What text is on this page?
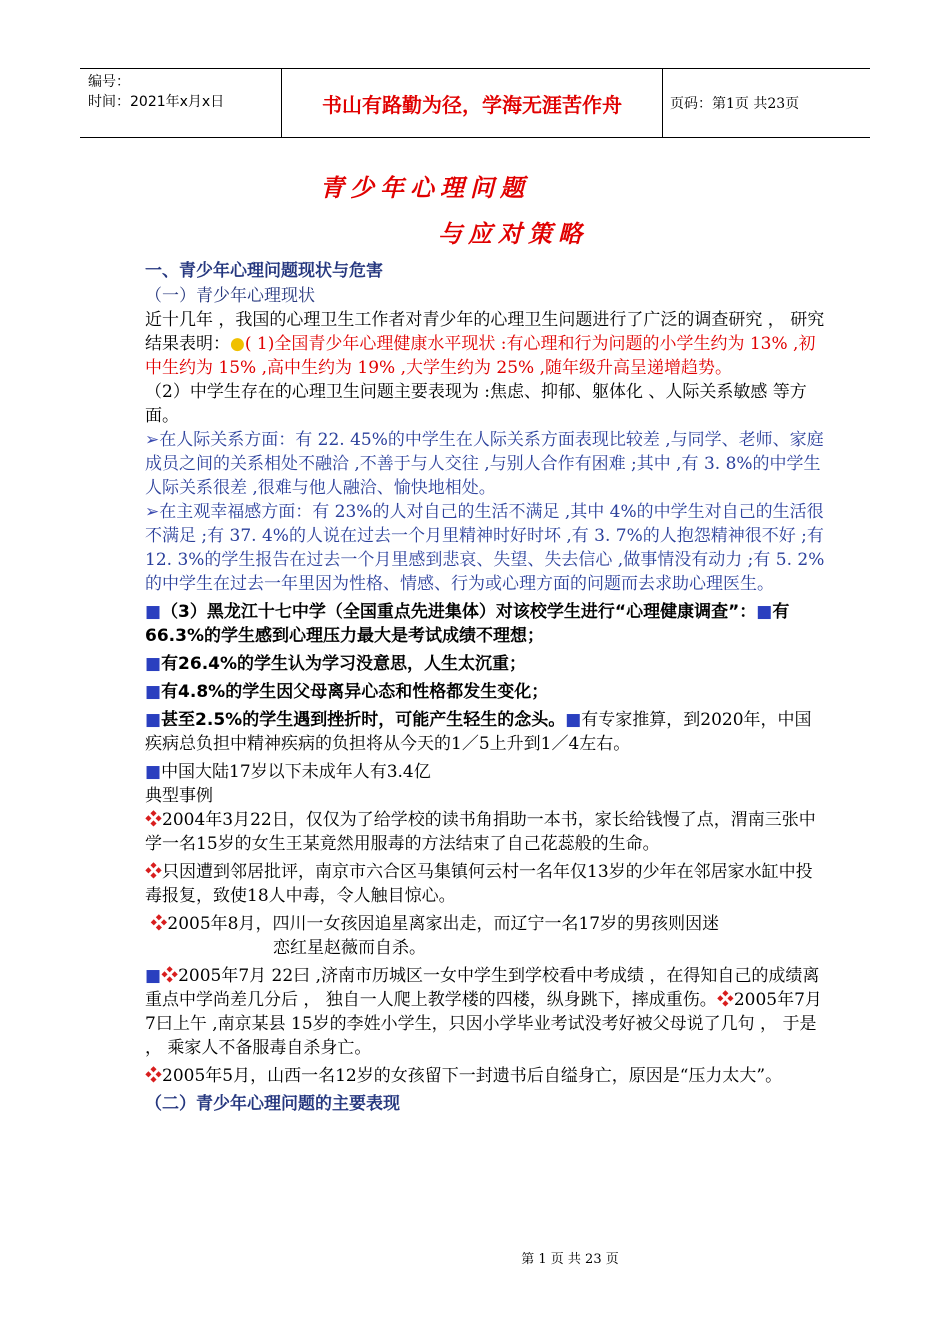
编号：
时间：2021年x月x日	书山有路勤为径，学海无涯苦作舟	页码：第1页 共23页
青少年心理问题
与应对策略

一、青少年心理问题现状与危害

（一）青少年心理现状

近十几年 ，我国的心理卫生工作者对青少年的心理卫生问题进行了广泛的调查研究 ， 研究结果表明：●( 1)全国青少年心理健康水平现状 :有心理和行为问题的小学生约为 13% ,初中生约为 15% ,高中生约为 19% ,大学生约为 25% ,随年级升高呈递增趋势。

（2）中学生存在的心理卫生问题主要表现为 :焦虑、抑郁、躯体化 、人际关系敏感 等方面。

➢在人际关系方面：有 22. 45%的中学生在人际关系方面表现比较差 ,与同学、老师、家庭成员之间的关系相处不融洽 ,不善于与人交往 ,与别人合作有困难 ;其中 ,有 3. 8%的中学生人际关系很差 ,很难与他人融洽、愉快地相处。

➢在主观幸福感方面：有 23%的人对自己的生活不满足 ,其中 4%的中学生对自己的生活很不满足 ;有 37. 4%的人说在过去一个月里精神时好时坏 ,有 3. 7%的人抱怨精神很不好 ;有 12. 3%的学生报告在过去一个月里感到悲哀、失望、失去信心 ,做事情没有动力 ;有 5. 2%的中学生在过去一年里因为性格、情感、行为或心理方面的问题而去求助心理医生。

■（3）黑龙江十七中学（全国重点先进集体）对该校学生进行“心理健康调查”：■有66.3%的学生感到心理压力最大是考试成绩不理想；

■有26.4%的学生认为学习没意思，人生太沉重；

■有4.8%的学生因父母离异心态和性格都发生变化；

■甚至2.5%的学生遇到挫折时，可能产生轻生的念头。■有专家推算，到2020年，中国疾病总负担中精神疾病的负担将从今天的1／5上升到1／4左右。

■中国大陆17岁以下未成年人有3.4亿

典型事例

❖2004年3月22日，仅仅为了给学校的读书角捐助一本书，家长给钱慢了点，渭南三张中学一名15岁的女生王某竟然用服毒的方法结束了自己花蕊般的生命。

❖只因遭到邻居批评，南京市六合区马集镇何云村一名年仅13岁的少年在邻居家水缸中投毒报复，致使18人中毒，令人触目惊心。

❖2005年8月，四川一女孩因追星离家出走，而辽宁一名17岁的男孩则因迷

恋红星赵薇而自杀。

■❖2005年7月 22曰 ,济南市历城区一女中学生到学校看中考成绩 ，在得知自己的成绩离重点中学尚差几分后 ， 独自一人爬上教学楼的四楼，纵身跳下，摔成重伤。❖2005年7月 7曰上午 ,南京某县 15岁的李姓小学生，只因小学毕业考试没考好被父母说了几句 ， 于是 ， 乘家人不备服毒自杀身亡。

❖2005年5月，山西一名12岁的女孩留下一封遗书后自缢身亡，原因是“压力太大”。

（二）青少年心理问题的主要表现

第 1 页 共 23 页
